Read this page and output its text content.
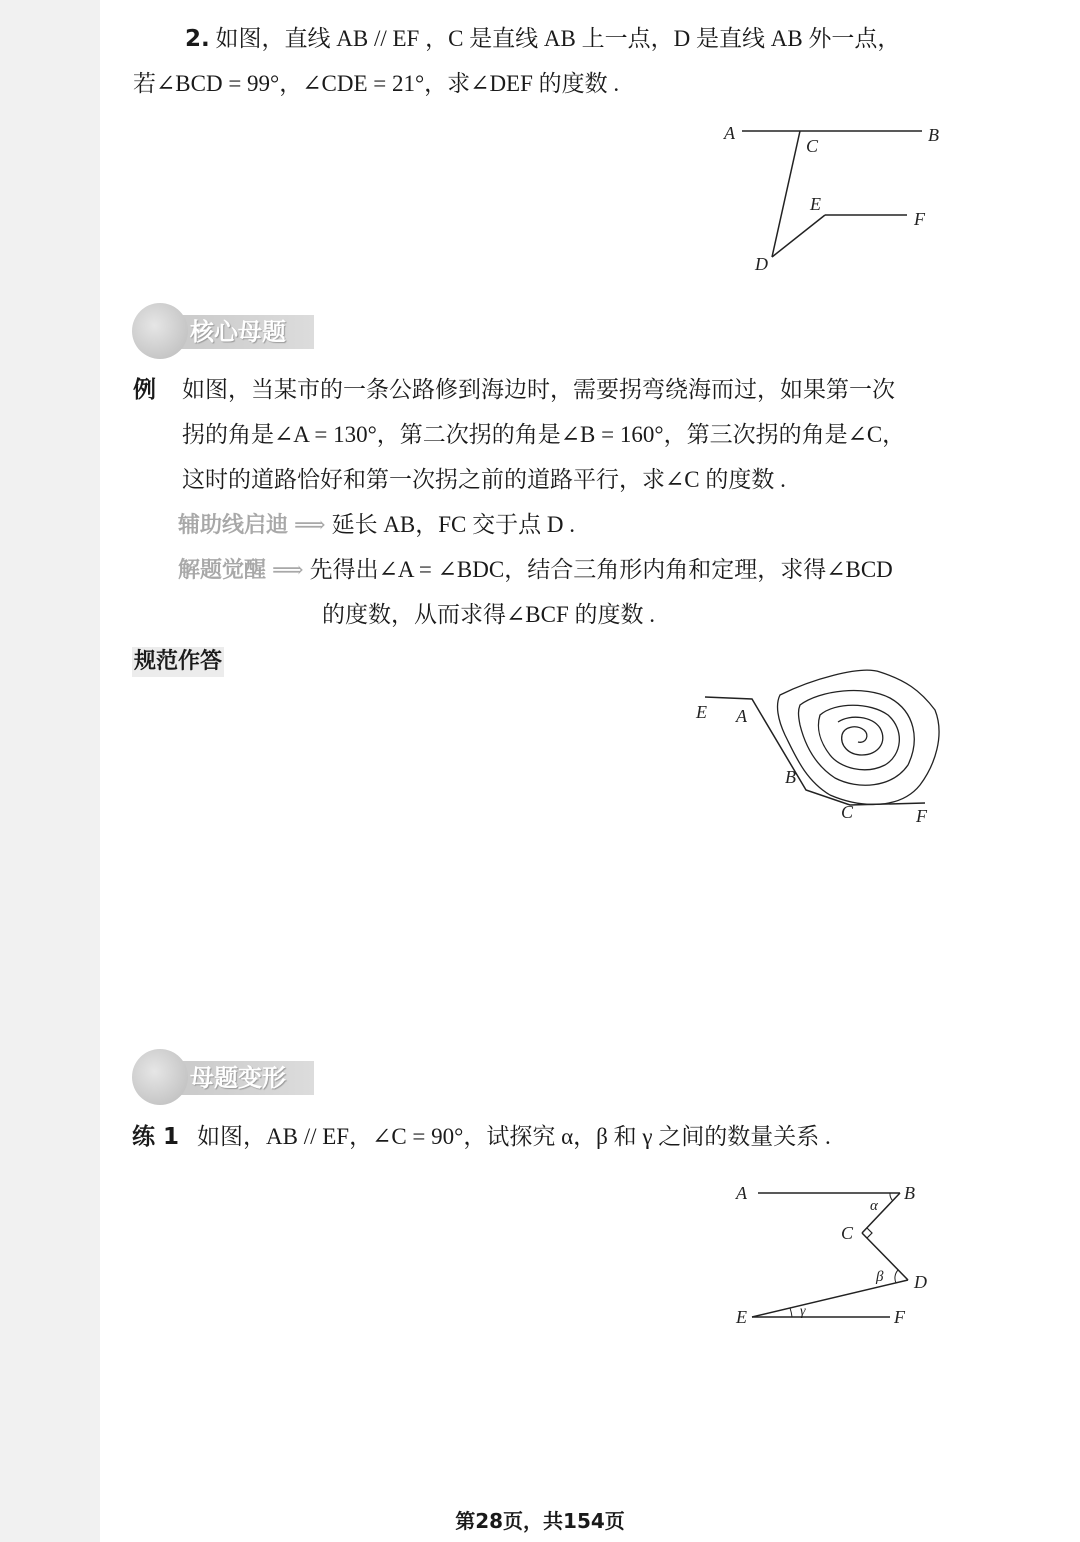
2. 如图，直线 AB // EF ，C 是直线 AB 上一点，D 是直线 AB 外一点，
若∠BCD = 99°，∠CDE = 21°，求∠DEF 的度数 .
A	B
C
D
E
F
核心母题
例 如图，当某市的一条公路修到海边时，需要拐弯绕海而过，如果第一次
拐的角是∠A = 130°，第二次拐的角是∠B = 160°，第三次拐的角是∠C，
这时的道路恰好和第一次拐之前的道路平行，求∠C 的度数 .
辅助线启迪 ⟹ 延长 AB，FC 交于点 D .
解题觉醒 ⟹ 先得出∠A = ∠BDC，结合三角形内角和定理，求得∠BCD
的度数，从而求得∠BCF 的度数 .
规范作答
E A
B
C	F
母题变形
练 1 如图，AB // EF，∠C = 90°，试探究 α，β 和 γ 之间的数量关系 .
A	B
C
D
E	F
α
β
γ
第28页，共154页
